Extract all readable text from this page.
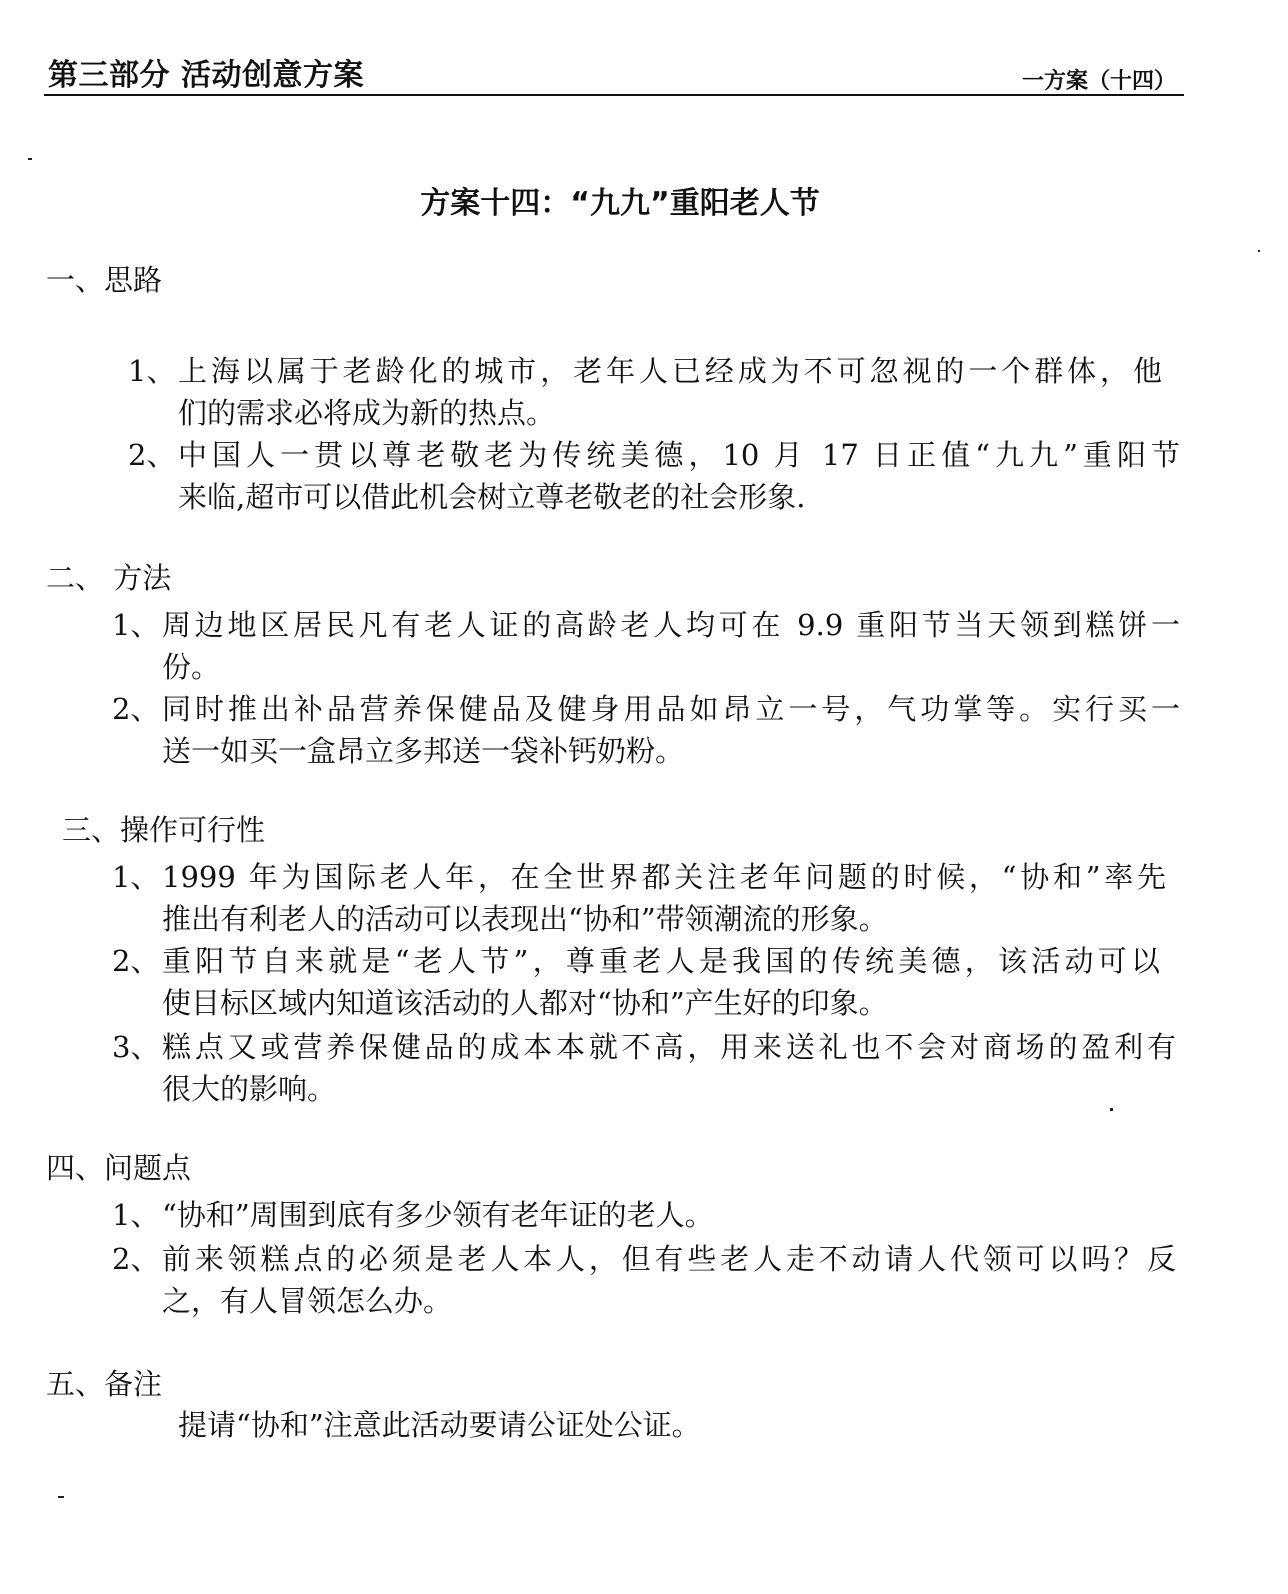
第三部分 活动创意方案	一方案（十四）
方案十四：“九九”重阳老人节
一、思路
1、 上海以属于老龄化的城市，老年人已经成为不可忽视的一个群体，他
们的需求必将成为新的热点。
2、 中国人一贯以尊老敬老为传统美德，10 月 17 日正值“九九”重阳节
来临,超市可以借此机会树立尊老敬老的社会形象.
二、 方法
1、 周边地区居民凡有老人证的高龄老人均可在 9.9 重阳节当天领到糕饼一
份。
2、 同时推出补品营养保健品及健身用品如昂立一号，气功掌等。实行买一
送一如买一盒昂立多邦送一袋补钙奶粉。
三、操作可行性
1、 1999 年为国际老人年，在全世界都关注老年问题的时候，“协和”率先
推出有利老人的活动可以表现出“协和”带领潮流的形象。
2、 重阳节自来就是“老人节”，尊重老人是我国的传统美德，该活动可以
使目标区域内知道该活动的人都对“协和”产生好的印象。
3、 糕点又或营养保健品的成本本就不高，用来送礼也不会对商场的盈利有
很大的影响。
四、问题点
1、 “协和”周围到底有多少领有老年证的老人。
2、 前来领糕点的必须是老人本人，但有些老人走不动请人代领可以吗？反
之，有人冒领怎么办。
五、备注
提请“协和”注意此活动要请公证处公证。
